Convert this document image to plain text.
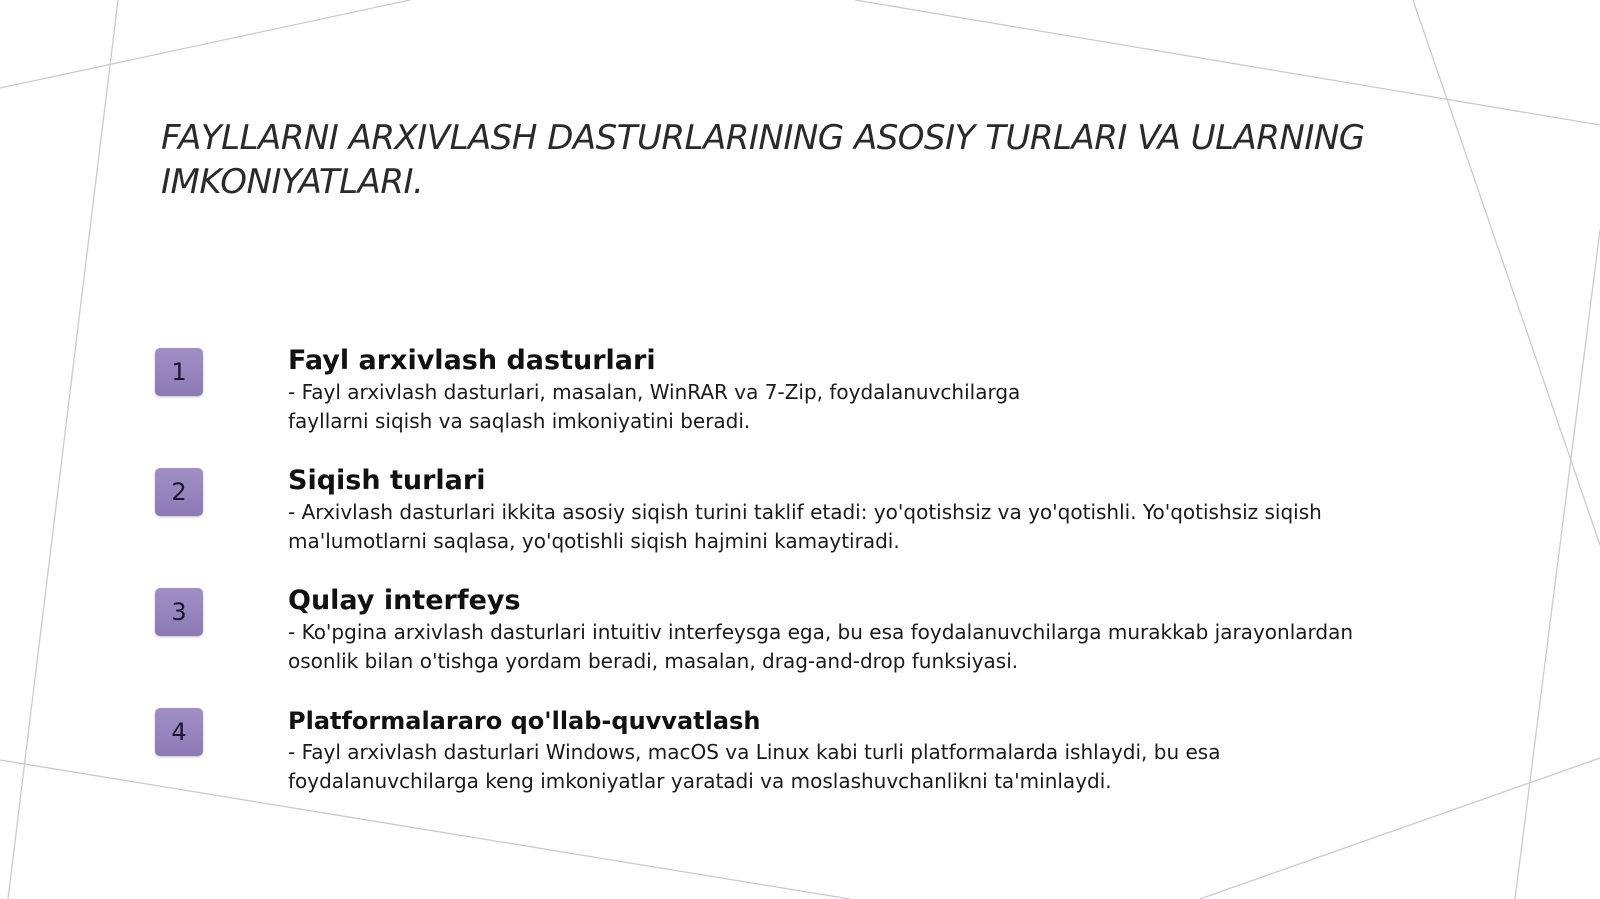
FAYLLARNI ARXIVLASH DASTURLARINING ASOSIY TURLARI VA ULARNING IMKONIYATLARI.
1	Fayl arxivlash dasturlari

- Fayl arxivlash dasturlari, masalan, WinRAR va 7-Zip, foydalanuvchilarga
fayllarni siqish va saqlash imkoniyatini beradi.

2	Siqish turlari

- Arxivlash dasturlari ikkita asosiy siqish turini taklif etadi: yo'qotishsiz va yo'qotishli. Yo'qotishsiz siqish
ma'lumotlarni saqlasa, yo'qotishli siqish hajmini kamaytiradi.

3	Qulay interfeys

- Ko'pgina arxivlash dasturlari intuitiv interfeysga ega, bu esa foydalanuvchilarga murakkab jarayonlardan
osonlik bilan o'tishga yordam beradi, masalan, drag-and-drop funksiyasi.

4	Platformalararo qo'llab-quvvatlash

- Fayl arxivlash dasturlari Windows, macOS va Linux kabi turli platformalarda ishlaydi, bu esa
foydalanuvchilarga keng imkoniyatlar yaratadi va moslashuvchanlikni ta'minlaydi.
